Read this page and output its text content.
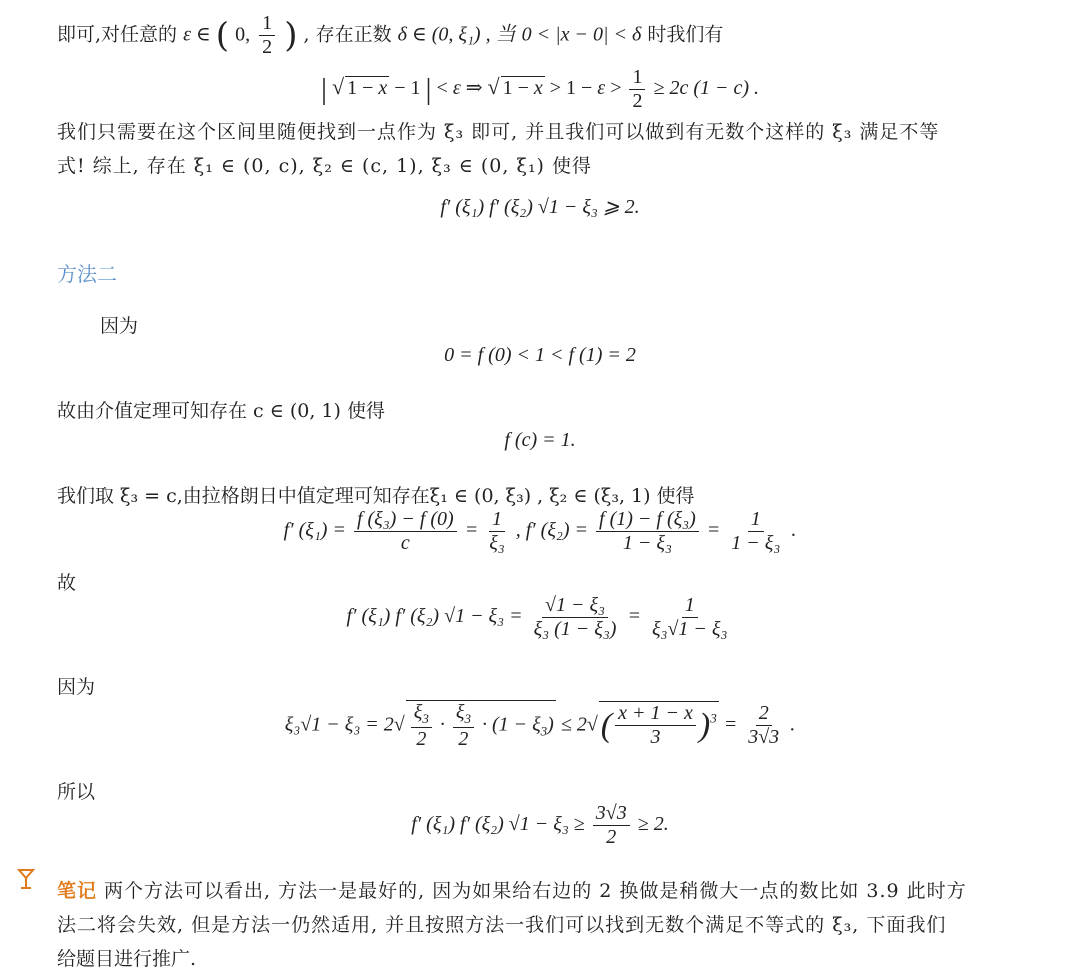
即可,对任意的 ε ∈ ( 0, $\frac{1}{2}$ ) , 存在正数 δ ∈ (0, ξ₁) , 当 0 < |x − 0| < δ 时我们有
| √ 1 − x − 1 | < ε ⇒ √ $1 - x > 1 - \varepsilon > \frac{1}{2} \ge 2c$ (1 − c) .
我们只需要在这个区间里随便找到一点作为 ξ₃ 即可, 并且我们可以做到有无数个这样的 ξ₃ 满足不等
式! 综上, 存在 ξ₁ ∈ (0, c), ξ₂ ∈ (c, 1), ξ₃ ∈ (0, ξ₁) 使得
f′ (ξ₁) f′ (ξ₂) √1 − ξ₃ ⩾ 2.
方法二
因为
0 = f (0) < 1 < f (1) = 2
故由介值定理可知存在 c ∈ (0, 1) 使得
f (c) = 1.
我们取 ξ₃ = c,由拉格朗日中值定理可知存在ξ₁ ∈ (0, ξ₃) , ξ₂ ∈ (ξ₃, 1) 使得
f′ $(\xi_1) = \frac{\text{f (ξ₃) − f (0)}}{c} = \frac{1}{\text{ξ₃}}$ , f′ $(\xi_2) = \frac{\text{f (1) − f (ξ₃)}}{\text{1 − ξ₃}} = \frac{1}{\text{1 − ξ₃}}$ .
故
f′ (ξ₁) f′ (ξ₂) $√1 - \xi_3 = \frac{\text{√1 − ξ₃}}{\text{ξ₃ (1 − ξ₃)}} = \frac{1}{\text{ξ₃√1 − ξ₃}}$
因为
$\xi_3√1 - \xi_3 = 2√ \frac{\xi_3}{2} \cdot \frac{\xi_3}{2} \cdot (1 - \xi_3) \le 2√( \frac{x + 1 - x}{3} )^3 = \frac{2}{3√3}$ .
所以
f′ (ξ₁) f′ (ξ₂) $√1 - \xi_3 \ge \frac{3√3}{2} \ge 2$.
笔记 两个方法可以看出, 方法一是最好的, 因为如果给右边的 2 换做是稍微大一点的数比如 3.9 此时方
法二将会失效, 但是方法一仍然适用, 并且按照方法一我们可以找到无数个满足不等式的 ξ₃, 下面我们
给题目进行推广.
